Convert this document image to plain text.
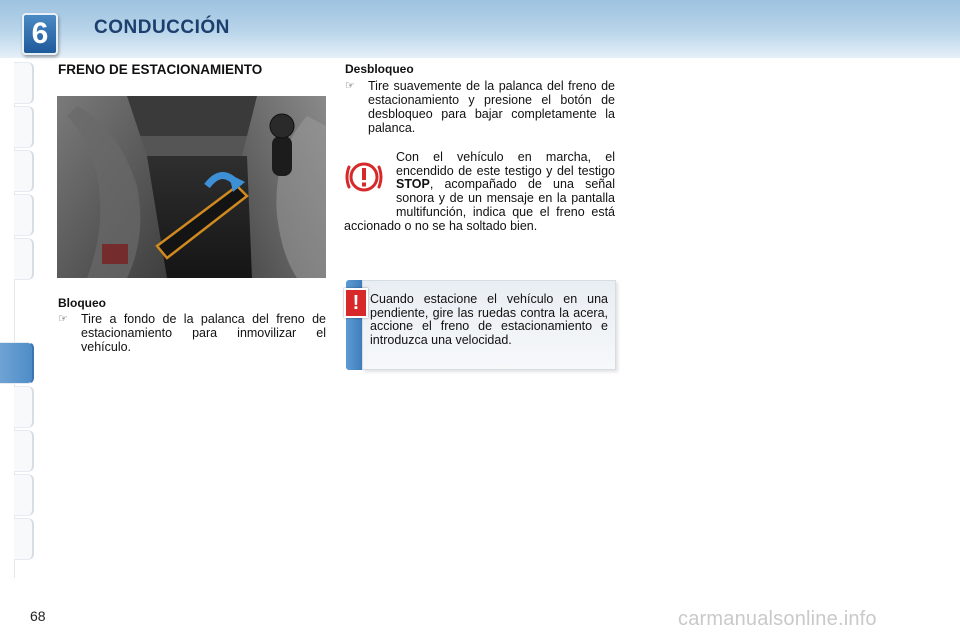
6	CONDUCCIÓN
FRENO DE ESTACIONAMIENTO
Bloqueo
☞	Tire a fondo de la palanca del freno de estacionamiento para inmovilizar el vehículo.
Desbloqueo
☞	Tire suavemente de la palanca del freno de estacionamiento y presione el botón de desbloqueo para bajar completamente la palanca.
Con el vehículo en marcha, el encendido de este testigo y del testigo STOP, acompañado de una señal sonora y de un mensaje en la pantalla multifunción, indica que el freno está accionado o no se ha soltado bien.
! Cuando estacione el vehículo en una pendiente, gire las ruedas contra la acera, accione el freno de estacionamiento e introduzca una velocidad.
68	carmanualsonline.info
